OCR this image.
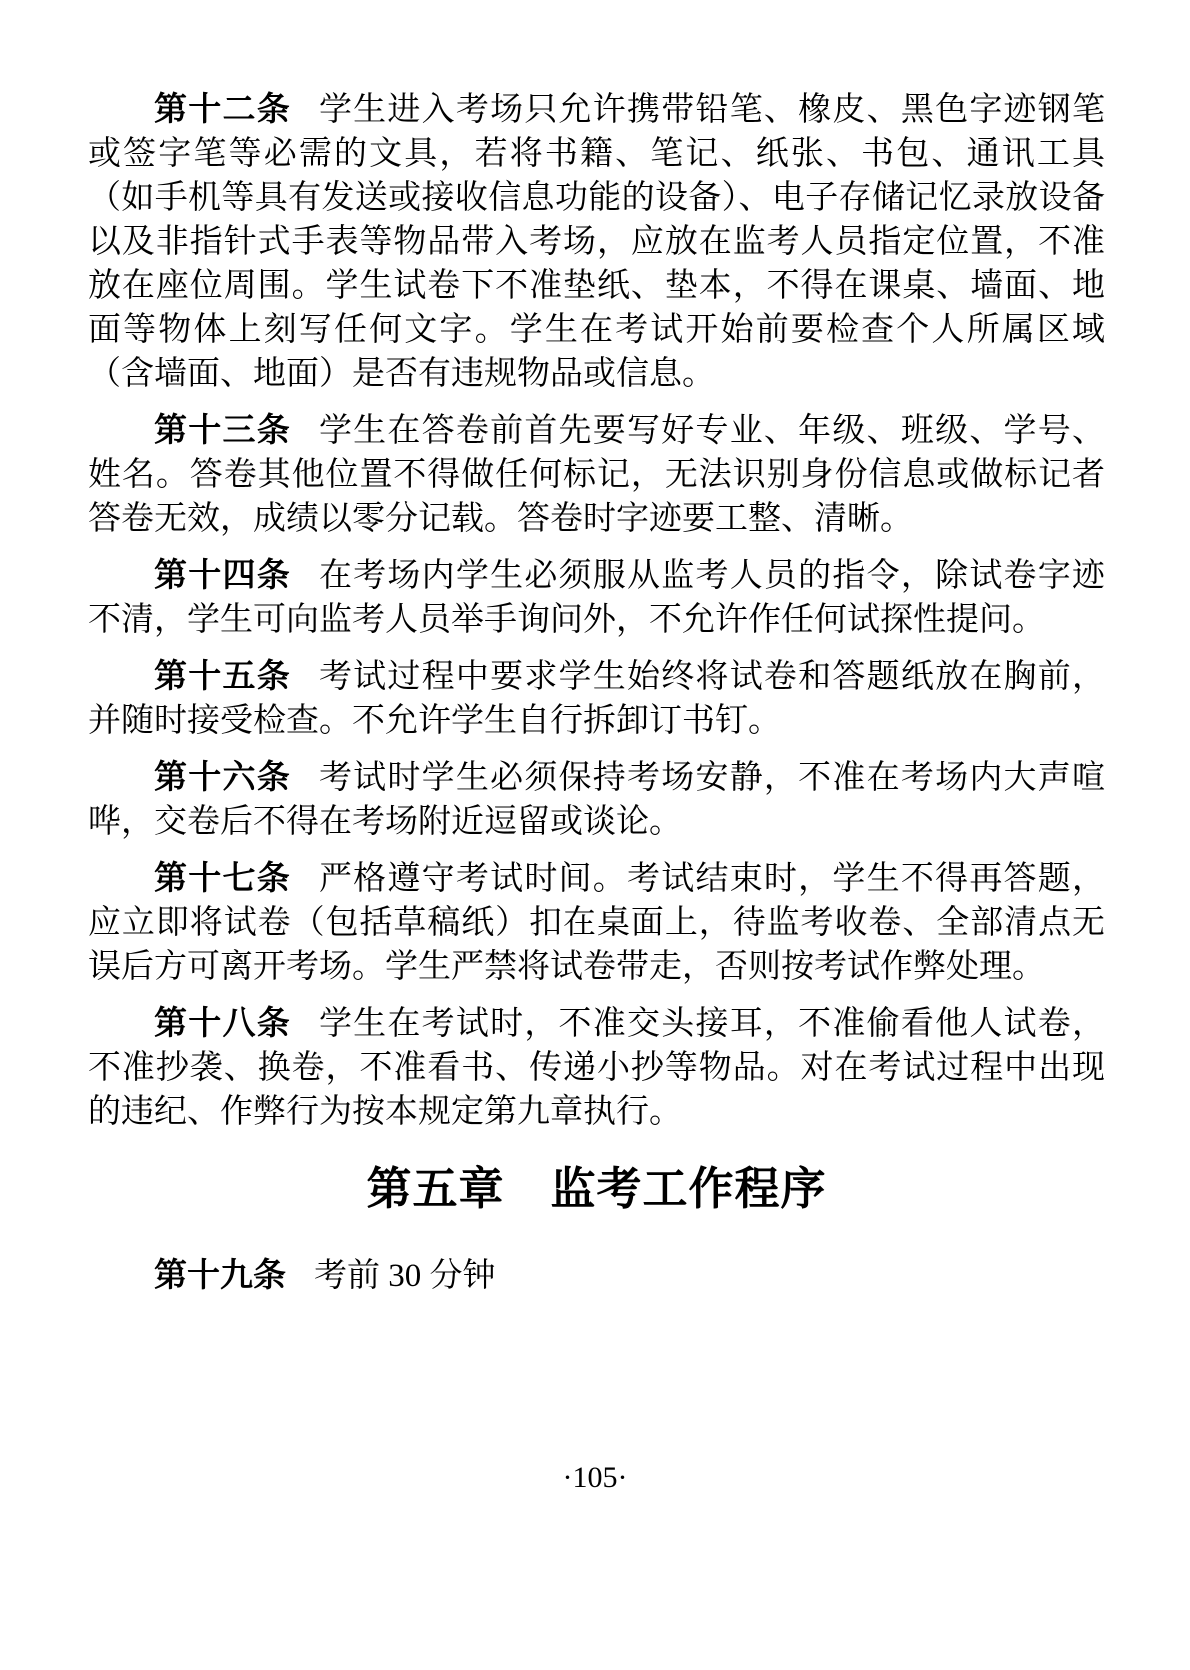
第十二条 学生进入考场只允许携带铅笔、橡皮、黑色字迹钢笔或签字笔等必需的文具，若将书籍、笔记、纸张、书包、通讯工具（如手机等具有发送或接收信息功能的设备）、电子存储记忆录放设备以及非指针式手表等物品带入考场，应放在监考人员指定位置，不准放在座位周围。学生试卷下不准垫纸、垫本，不得在课桌、墙面、地面等物体上刻写任何文字。学生在考试开始前要检查个人所属区域（含墙面、地面）是否有违规物品或信息。

第十三条 学生在答卷前首先要写好专业、年级、班级、学号、姓名。答卷其他位置不得做任何标记，无法识别身份信息或做标记者答卷无效，成绩以零分记载。答卷时字迹要工整、清晰。

第十四条 在考场内学生必须服从监考人员的指令，除试卷字迹不清，学生可向监考人员举手询问外，不允许作任何试探性提问。

第十五条 考试过程中要求学生始终将试卷和答题纸放在胸前，并随时接受检查。不允许学生自行拆卸订书钉。

第十六条 考试时学生必须保持考场安静，不准在考场内大声喧哗，交卷后不得在考场附近逗留或谈论。

第十七条 严格遵守考试时间。考试结束时，学生不得再答题，应立即将试卷（包括草稿纸）扣在桌面上，待监考收卷、全部清点无误后方可离开考场。学生严禁将试卷带走，否则按考试作弊处理。

第十八条 学生在考试时，不准交头接耳，不准偷看他人试卷，不准抄袭、换卷，不准看书、传递小抄等物品。对在考试过程中出现的违纪、作弊行为按本规定第九章执行。

第五章　监考工作程序

第十九条 考前 30 分钟

·105·
